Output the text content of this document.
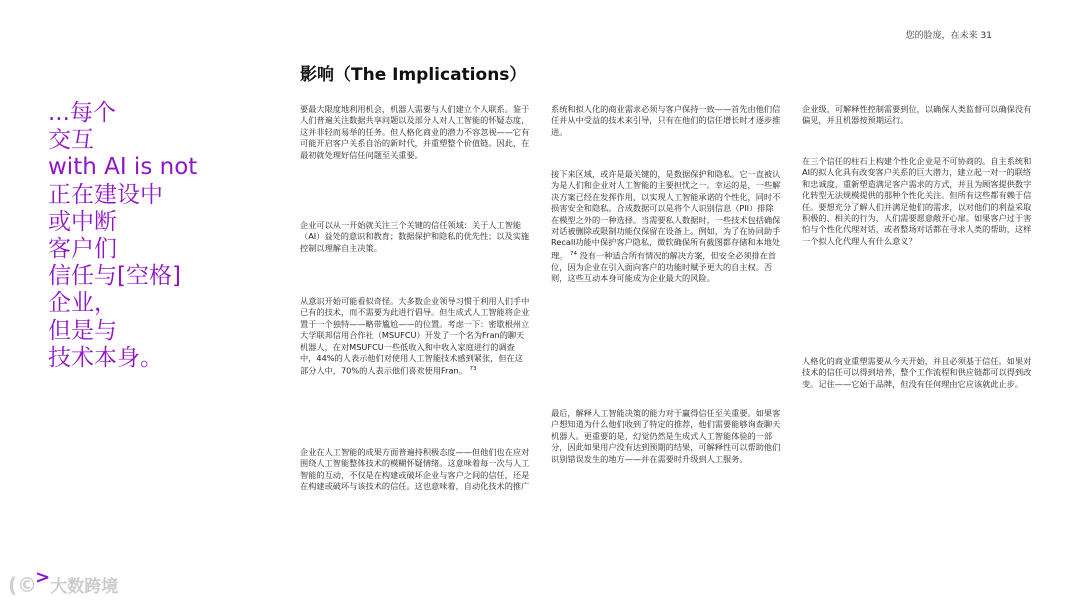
您的脸庞，在未来 31
...每个
交互
with AI is not
正在建设中
或中断
客户们
信任与[空格]
企业，
但是与
技术本身。
影响（The Implications）

要最大限度地利用机会，机器人需要与人们建立个人联系。鉴于人们普遍关注数据共享问题以及部分人对人工智能的怀疑态度，这并非轻而易举的任务。但人格化商业的潜力不容忽视——它有可能开启客户关系自治的新时代，并重塑整个价值链。因此，在最初就处理好信任问题至关重要。

企业可以从一开始就关注三个关键的信任领域：关于人工智能（AI）益处的意识和教育；数据保护和隐私的优先性；以及实施控制以理解自主决策。

从意识开始可能看似奇怪。大多数企业领导习惯于利用人们手中已有的技术，而不需要为此进行倡导。但生成式人工智能将企业置于一个独特——略带尴尬——的位置。考虑一下：密歇根州立大学联邦信用合作社（MSUFCU）开发了一个名为Fran的聊天机器人，在对MSUFCU一些低收入和中收入家庭进行的调查中，44%的人表示他们对使用人工智能技术感到紧张，但在这部分人中，70%的人表示他们喜欢使用Fran。 $^{73}$

企业在人工智能的成果方面普遍持积极态度——但他们也在应对围绕人工智能整体技术的模糊怀疑情绪。这意味着每一次与人工智能的互动，不仅是在构建或破坏企业与客户之间的信任，还是在构建或破坏与该技术的信任。这也意味着，自动化技术的推广

系统和拟人化的商业需求必须与客户保持一致——首先由他们信任并从中受益的技术来引导，只有在他们的信任增长时才逐步推进。

接下来区域，或许是最关键的，是数据保护和隐私。它一直被认为是人们和企业对人工智能的主要担忧之一。幸运的是，一些解决方案已经在发挥作用，以实现人工智能承诺的个性化，同时不损害安全和隐私。合成数据可以是将个人识别信息（PII）排除在模型之外的一种选择。当需要私人数据时，一些技术包括确保对话被删除或限制功能仅保留在设备上。例如，为了在协同助手Recall功能中保护客户隐私，微软确保所有截图都存储和本地处理。 $^{74}$ 没有一种适合所有情况的解决方案，但安全必须排在首位，因为企业在引入面向客户的功能时赋予更大的自主权。否则，这些互动本身可能成为企业最大的风险。

最后，解释人工智能决策的能力对于赢得信任至关重要。如果客户想知道为什么他们收到了特定的推荐，他们需要能够询查聊天机器人。更重要的是，幻觉仍然是生成式人工智能体验的一部分，因此如果用户没有达到预期的结果，可解释性可以帮助他们识别错误发生的地方——并在需要时升级到人工服务。

企业级，可解释性控制需要到位，以确保人类监督可以确保没有偏见，并且机器按预期运行。

在三个信任的柱石上构建个性化企业是不可协商的。自主系统和AI的拟人化具有改变客户关系的巨大潜力，建立起一对一的联络和忠诚度，重新塑造满足客户需求的方式，并且为顾客提供数字化转型无法规模提供的那种个性化关注。但所有这些都有赖于信任。要想充分了解人们并满足他们的需求，以对他们的利益采取积极的、相关的行为，人们需要愿意敞开心扉。如果客户过于害怕与个性化代理对话，或者整场对话都在寻求人类的帮助，这样一个拟人化代理人有什么意义？

人格化的商业重塑需要从今天开始，并且必须基于信任。如果对技术的信任可以得到培养，整个工作流程和供应链都可以得到改变。记住——它始于品牌，但没有任何理由它应该就此止步。

(©
> 大数跨境
